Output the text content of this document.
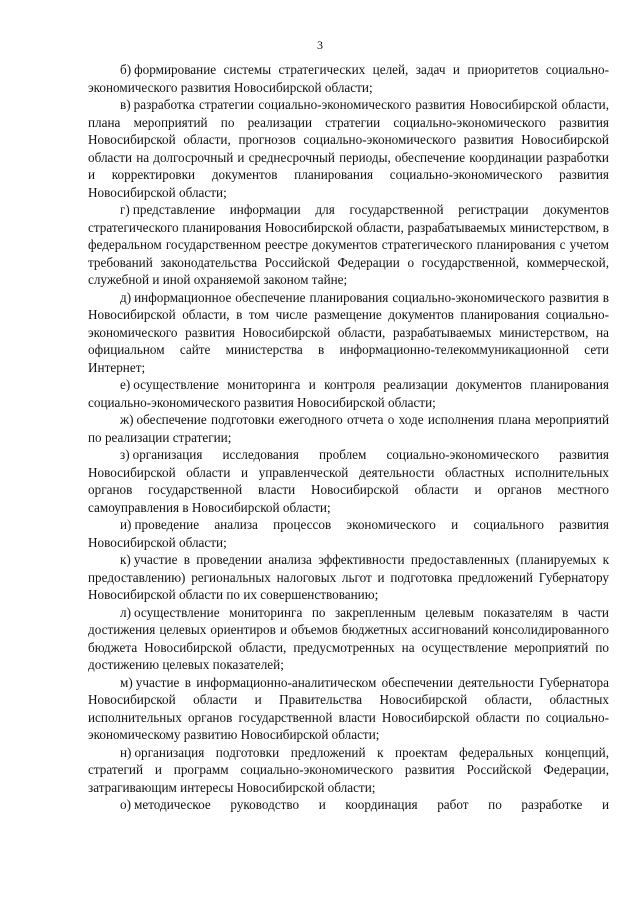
3

б) формирование системы стратегических целей, задач и приоритетов социально-экономического развития Новосибирской области;

в) разработка стратегии социально-экономического развития Новосибирской области, плана мероприятий по реализации стратегии социально-экономического развития Новосибирской области, прогнозов социально-экономического развития Новосибирской области на долгосрочный и среднесрочный периоды, обеспечение координации разработки и корректировки документов планирования социально-экономического развития Новосибирской области;

г) представление информации для государственной регистрации документов стратегического планирования Новосибирской области, разрабатываемых министерством, в федеральном государственном реестре документов стратегического планирования с учетом требований законодательства Российской Федерации о государственной, коммерческой, служебной и иной охраняемой законом тайне;

д) информационное обеспечение планирования социально-экономического развития в Новосибирской области, в том числе размещение документов планирования социально-экономического развития Новосибирской области, разрабатываемых министерством, на официальном сайте министерства в информационно-телекоммуникационной сети Интернет;

е) осуществление мониторинга и контроля реализации документов планирования социально-экономического развития Новосибирской области;

ж) обеспечение подготовки ежегодного отчета о ходе исполнения плана мероприятий по реализации стратегии;

з) организация исследования проблем социально-экономического развития Новосибирской области и управленческой деятельности областных исполнительных органов государственной власти Новосибирской области и органов местного самоуправления в Новосибирской области;

и) проведение анализа процессов экономического и социального развития Новосибирской области;

к) участие в проведении анализа эффективности предоставленных (планируемых к предоставлению) региональных налоговых льгот и подготовка предложений Губернатору Новосибирской области по их совершенствованию;

л) осуществление мониторинга по закрепленным целевым показателям в части достижения целевых ориентиров и объемов бюджетных ассигнований консолидированного бюджета Новосибирской области, предусмотренных на осуществление мероприятий по достижению целевых показателей;

м) участие в информационно-аналитическом обеспечении деятельности Губернатора Новосибирской области и Правительства Новосибирской области, областных исполнительных органов государственной власти Новосибирской области по социально-экономическому развитию Новосибирской области;

н) организация подготовки предложений к проектам федеральных концепций, стратегий и программ социально-экономического развития Российской Федерации, затрагивающим интересы Новосибирской области;

о) методическое руководство и координация работ по разработке и
